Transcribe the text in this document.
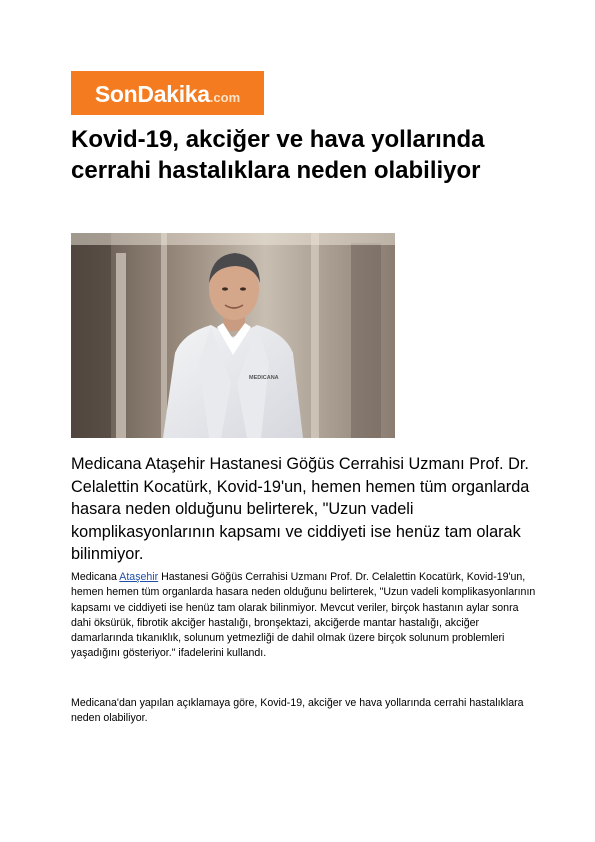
SonDakika .com
Kovid-19, akciğer ve hava yollarında cerrahi hastalıklara neden olabiliyor
MEDICANA

Medicana Ataşehir Hastanesi Göğüs Cerrahisi Uzmanı Prof. Dr. Celalettin Kocatürk, Kovid-19'un, hemen hemen tüm organlarda hasara neden olduğunu belirterek, "Uzun vadeli komplikasyonlarının kapsamı ve ciddiyeti ise henüz tam olarak bilinmiyor.

Medicana Ataşehir Hastanesi Göğüs Cerrahisi Uzmanı Prof. Dr. Celalettin Kocatürk, Kovid-19'un, hemen hemen tüm organlarda hasara neden olduğunu belirterek, "Uzun vadeli komplikasyonlarının kapsamı ve ciddiyeti ise henüz tam olarak bilinmiyor. Mevcut veriler, birçok hastanın aylar sonra dahi öksürük, fibrotik akciğer hastalığı, bronşektazi, akciğerde mantar hastalığı, akciğer damarlarında tıkanıklık, solunum yetmezliği de dahil olmak üzere birçok solunum problemleri yaşadığını gösteriyor." ifadelerini kullandı.

Medicana'dan yapılan açıklamaya göre, Kovid-19, akciğer ve hava yollarında cerrahi hastalıklara neden olabiliyor.
